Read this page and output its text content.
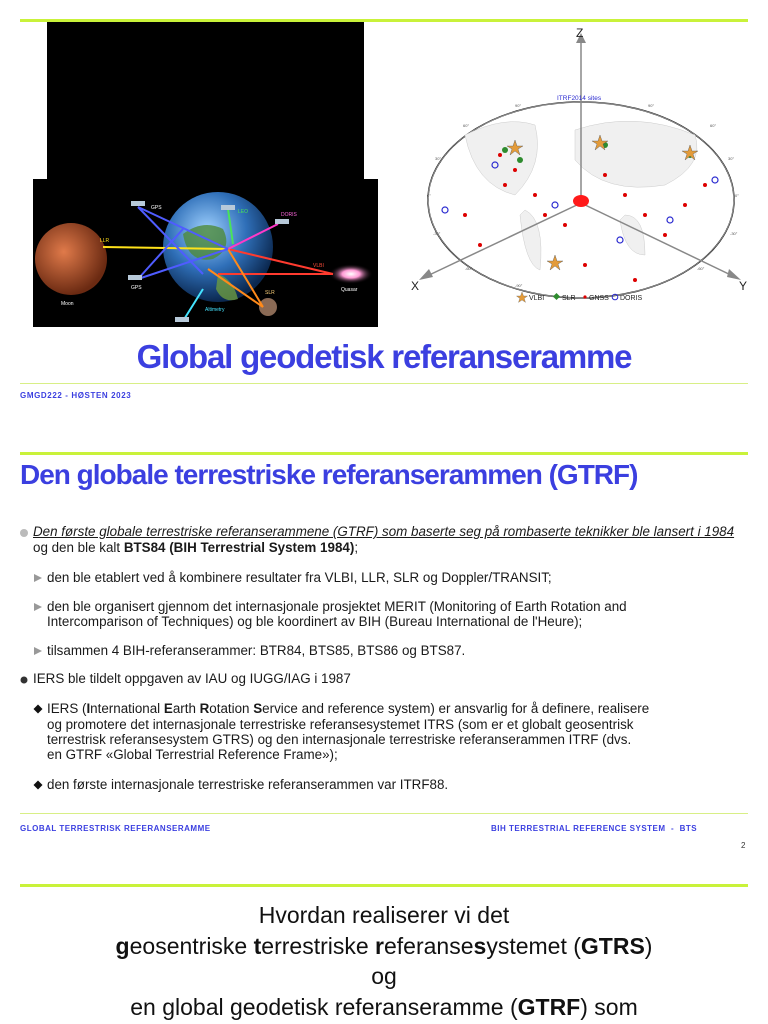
GPS
LEO	DORIS
LLR
VLBI
GPS
SLR
Altimetry
Moon
Quasar
Z
X	Y
ITRF2014 sites
90°
60°
30°
0°
-30°
-60°
-90°
90°
60°
30°
0°
-30°
-60°
VLBI	SLR GNSS DORIS
Global geodetisk referanseramme
GMGD222 - HØSTEN 2023
Den globale terrestriske referanserammen (GTRF)
Den første globale terrestriske referanserammene (GTRF) som baserte seg på rombaserte teknikker ble lansert i 1984 og den ble kalt BTS84 (BIH Terrestrial System 1984);
den ble etablert ved å kombinere resultater fra VLBI, LLR, SLR og Doppler/TRANSIT;
den ble organisert gjennom det internasjonale prosjektet MERIT (Monitoring of Earth Rotation and
Intercomparison of Techniques) og ble koordinert av BIH (Bureau International de l'Heure);
tilsammen 4 BIH-referanserammer: BTR84, BTS85, BTS86 og BTS87.
IERS ble tildelt oppgaven av IAU og IUGG/IAG i 1987
IERS (International Earth Rotation Service and reference system) er ansvarlig for å definere, realisere
og promotere det internasjonale terrestriske referansesystemet ITRS (som er et globalt geosentrisk
terrestrisk referansesystem GTRS) og den internasjonale terrestriske referanserammen ITRF (dvs.
en GTRF «Global Terrestrial Reference Frame»);
den første internasjonale terrestriske referanserammen var ITRF88.
GLOBAL TERRESTRISK REFERANSERAMME	BIH TERRESTRIAL REFERENCE SYSTEM  -  BTS
2
Hvordan realiserer vi det
geosentriske terrestriske referansesystemet (GTRS)
og
en global geodetisk referanseramme (GTRF) som
